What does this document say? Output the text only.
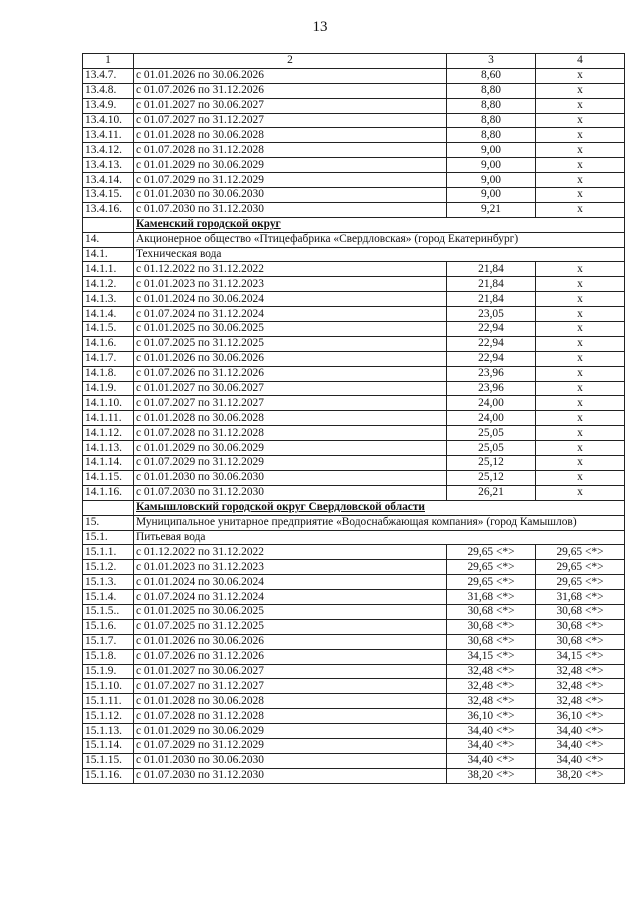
13
1	2	3	4
13.4.7.	с 01.01.2026 по 30.06.2026	8,60	х
13.4.8.	с 01.07.2026 по 31.12.2026	8,80	х
13.4.9.	с 01.01.2027 по 30.06.2027	8,80	х
13.4.10.	с 01.07.2027 по 31.12.2027	8,80	х
13.4.11.	с 01.01.2028 по 30.06.2028	8,80	х
13.4.12.	с 01.07.2028 по 31.12.2028	9,00	х
13.4.13.	с 01.01.2029 по 30.06.2029	9,00	х
13.4.14.	с 01.07.2029 по 31.12.2029	9,00	х
13.4.15.	с 01.01.2030 по 30.06.2030	9,00	х
13.4.16.	с 01.07.2030 по 31.12.2030	9,21	х
	Каменский городской округ		
14.	Акционерное общество «Птицефабрика «Свердловская» (город Екатеринбург)		
14.1.	Техническая вода		
14.1.1.	с 01.12.2022 по 31.12.2022	21,84	х
14.1.2.	с 01.01.2023 по 31.12.2023	21,84	х
14.1.3.	с 01.01.2024 по 30.06.2024	21,84	х
14.1.4.	с 01.07.2024 по 31.12.2024	23,05	х
14.1.5.	с 01.01.2025 по 30.06.2025	22,94	х
14.1.6.	с 01.07.2025 по 31.12.2025	22,94	х
14.1.7.	с 01.01.2026 по 30.06.2026	22,94	х
14.1.8.	с 01.07.2026 по 31.12.2026	23,96	х
14.1.9.	с 01.01.2027 по 30.06.2027	23,96	х
14.1.10.	с 01.07.2027 по 31.12.2027	24,00	х
14.1.11.	с 01.01.2028 по 30.06.2028	24,00	х
14.1.12.	с 01.07.2028 по 31.12.2028	25,05	х
14.1.13.	с 01.01.2029 по 30.06.2029	25,05	х
14.1.14.	с 01.07.2029 по 31.12.2029	25,12	х
14.1.15.	с 01.01.2030 по 30.06.2030	25,12	х
14.1.16.	с 01.07.2030 по 31.12.2030	26,21	х
	Камышловский городской округ Свердловской области		
15.	Муниципальное унитарное предприятие «Водоснабжающая компания» (город Камышлов)		
15.1.	Питьевая вода		
15.1.1.	с 01.12.2022 по 31.12.2022	29,65 <*>	29,65 <*>
15.1.2.	с 01.01.2023 по 31.12.2023	29,65 <*>	29,65 <*>
15.1.3.	с 01.01.2024 по 30.06.2024	29,65 <*>	29,65 <*>
15.1.4.	с 01.07.2024 по 31.12.2024	31,68 <*>	31,68 <*>
15.1.5..	с 01.01.2025 по 30.06.2025	30,68 <*>	30,68 <*>
15.1.6.	с 01.07.2025 по 31.12.2025	30,68 <*>	30,68 <*>
15.1.7.	с 01.01.2026 по 30.06.2026	30,68 <*>	30,68 <*>
15.1.8.	с 01.07.2026 по 31.12.2026	34,15 <*>	34,15 <*>
15.1.9.	с 01.01.2027 по 30.06.2027	32,48 <*>	32,48 <*>
15.1.10.	с 01.07.2027 по 31.12.2027	32,48 <*>	32,48 <*>
15.1.11.	с 01.01.2028 по 30.06.2028	32,48 <*>	32,48 <*>
15.1.12.	с 01.07.2028 по 31.12.2028	36,10 <*>	36,10 <*>
15.1.13.	с 01.01.2029 по 30.06.2029	34,40 <*>	34,40 <*>
15.1.14.	с 01.07.2029 по 31.12.2029	34,40 <*>	34,40 <*>
15.1.15.	с 01.01.2030 по 30.06.2030	34,40 <*>	34,40 <*>
15.1.16.	с 01.07.2030 по 31.12.2030	38,20 <*>	38,20 <*>
